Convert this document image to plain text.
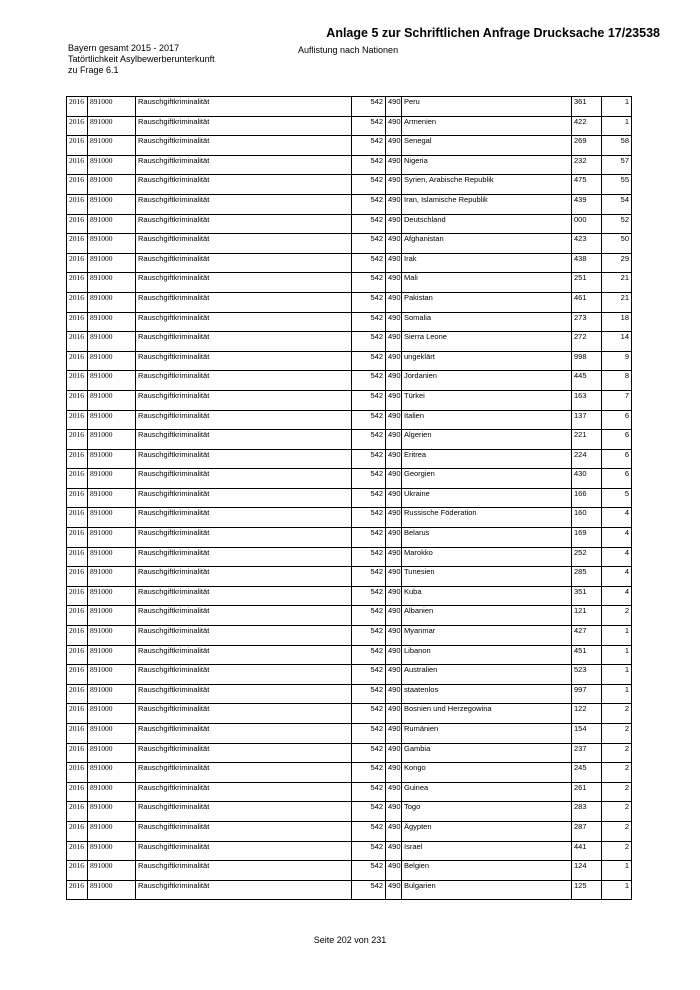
Anlage 5 zur Schriftlichen Anfrage Drucksache 17/23538
Bayern gesamt 2015 - 2017
Tatörtlichkeit Asylbewerberunterkunft
zu Frage 6.1
Auflistung nach Nationen
2016	891000	Rauschgiftkriminalität	542	490	Peru	361	1
2016	891000	Rauschgiftkriminalität	542	490	Armenien	422	1
2016	891000	Rauschgiftkriminalität	542	490	Senegal	269	58
2016	891000	Rauschgiftkriminalität	542	490	Nigeria	232	57
2016	891000	Rauschgiftkriminalität	542	490	Syrien, Arabische Republik	475	55
2016	891000	Rauschgiftkriminalität	542	490	Iran, Islamische Republik	439	54
2016	891000	Rauschgiftkriminalität	542	490	Deutschland	000	52
2016	891000	Rauschgiftkriminalität	542	490	Afghanistan	423	50
2016	891000	Rauschgiftkriminalität	542	490	Irak	438	29
2016	891000	Rauschgiftkriminalität	542	490	Mali	251	21
2016	891000	Rauschgiftkriminalität	542	490	Pakistan	461	21
2016	891000	Rauschgiftkriminalität	542	490	Somalia	273	18
2016	891000	Rauschgiftkriminalität	542	490	Sierra Leone	272	14
2016	891000	Rauschgiftkriminalität	542	490	ungeklärt	998	9
2016	891000	Rauschgiftkriminalität	542	490	Jordanien	445	8
2016	891000	Rauschgiftkriminalität	542	490	Türkei	163	7
2016	891000	Rauschgiftkriminalität	542	490	Italien	137	6
2016	891000	Rauschgiftkriminalität	542	490	Algerien	221	6
2016	891000	Rauschgiftkriminalität	542	490	Eritrea	224	6
2016	891000	Rauschgiftkriminalität	542	490	Georgien	430	6
2016	891000	Rauschgiftkriminalität	542	490	Ukraine	166	5
2016	891000	Rauschgiftkriminalität	542	490	Russische Föderation	160	4
2016	891000	Rauschgiftkriminalität	542	490	Belarus	169	4
2016	891000	Rauschgiftkriminalität	542	490	Marokko	252	4
2016	891000	Rauschgiftkriminalität	542	490	Tunesien	285	4
2016	891000	Rauschgiftkriminalität	542	490	Kuba	351	4
2016	891000	Rauschgiftkriminalität	542	490	Albanien	121	2
2016	891000	Rauschgiftkriminalität	542	490	Myanmar	427	1
2016	891000	Rauschgiftkriminalität	542	490	Libanon	451	1
2016	891000	Rauschgiftkriminalität	542	490	Australien	523	1
2016	891000	Rauschgiftkriminalität	542	490	staatenlos	997	1
2016	891000	Rauschgiftkriminalität	542	490	Bosnien und Herzegowina	122	2
2016	891000	Rauschgiftkriminalität	542	490	Rumänien	154	2
2016	891000	Rauschgiftkriminalität	542	490	Gambia	237	2
2016	891000	Rauschgiftkriminalität	542	490	Kongo	245	2
2016	891000	Rauschgiftkriminalität	542	490	Guinea	261	2
2016	891000	Rauschgiftkriminalität	542	490	Togo	283	2
2016	891000	Rauschgiftkriminalität	542	490	Ägypten	287	2
2016	891000	Rauschgiftkriminalität	542	490	Israel	441	2
2016	891000	Rauschgiftkriminalität	542	490	Belgien	124	1
2016	891000	Rauschgiftkriminalität	542	490	Bulgarien	125	1
Seite 202 von 231
